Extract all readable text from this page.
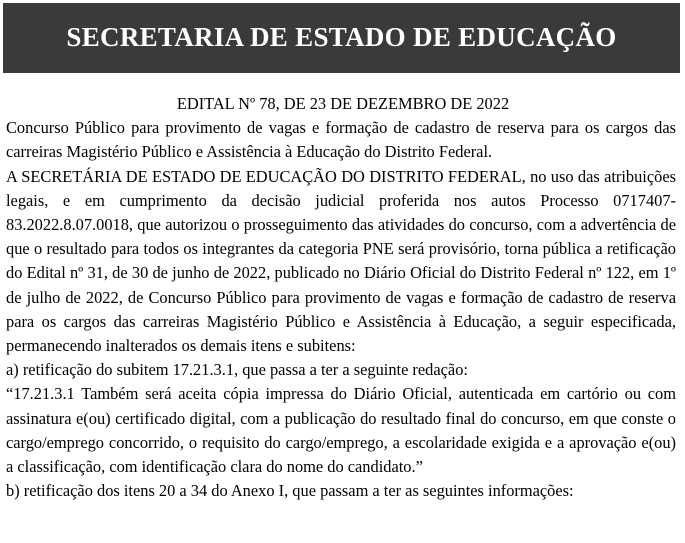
SECRETARIA DE ESTADO DE EDUCAÇÃO

EDITAL Nº 78, DE 23 DE DEZEMBRO DE 2022

Concurso Público para provimento de vagas e formação de cadastro de reserva para os cargos das carreiras Magistério Público e Assistência à Educação do Distrito Federal.

A SECRETÁRIA DE ESTADO DE EDUCAÇÃO DO DISTRITO FEDERAL, no uso das atribuições legais, e em cumprimento da decisão judicial proferida nos autos Processo 0717407-83.2022.8.07.0018, que autorizou o prosseguimento das atividades do concurso, com a advertência de que o resultado para todos os integrantes da categoria PNE será provisório, torna pública a retificação do Edital nº 31, de 30 de junho de 2022, publicado no Diário Oficial do Distrito Federal nº 122, em 1º de julho de 2022, de Concurso Público para provimento de vagas e formação de cadastro de reserva para os cargos das carreiras Magistério Público e Assistência à Educação, a seguir especificada, permanecendo inalterados os demais itens e subitens:

a) retificação do subitem 17.21.3.1, que passa a ter a seguinte redação:

“17.21.3.1 Também será aceita cópia impressa do Diário Oficial, autenticada em cartório ou com assinatura e(ou) certificado digital, com a publicação do resultado final do concurso, em que conste o cargo/emprego concorrido, o requisito do cargo/emprego, a escolaridade exigida e a aprovação e(ou) a classificação, com identificação clara do nome do candidato.”

b) retificação dos itens 20 a 34 do Anexo I, que passam a ter as seguintes informações:
